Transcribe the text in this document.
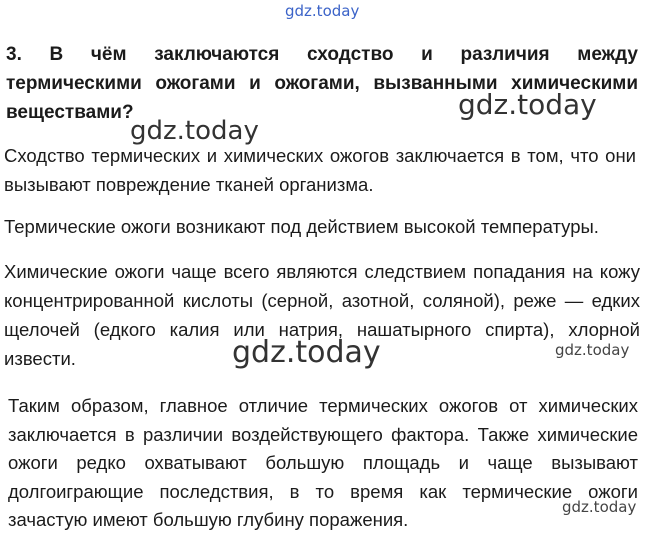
gdz.today

3. В чём заключаются сходство и различия между термическими ожогами и ожогами, вызванными химическими веществами?	gdz.today
gdz.today

Сходство термических и химических ожогов заключается в том, что они вызывают повреждение тканей организма.

Термические ожоги возникают под действием высокой температуры.

Химические ожоги чаще всего являются следствием попадания на кожу концентрированной кислоты (серной, азотной, соляной), реже — едких щелочей (едкого калия или натрия, нашатырного спирта), хлорной извести.	gdz.today	gdz.today

Таким образом, главное отличие термических ожогов от химических заключается в различии воздействующего фактора. Также химические ожоги редко охватывают большую площадь и чаще вызывают долгоиграющие последствия, в то время как термические ожоги зачастую имеют большую глубину поражения.

gdz.today
